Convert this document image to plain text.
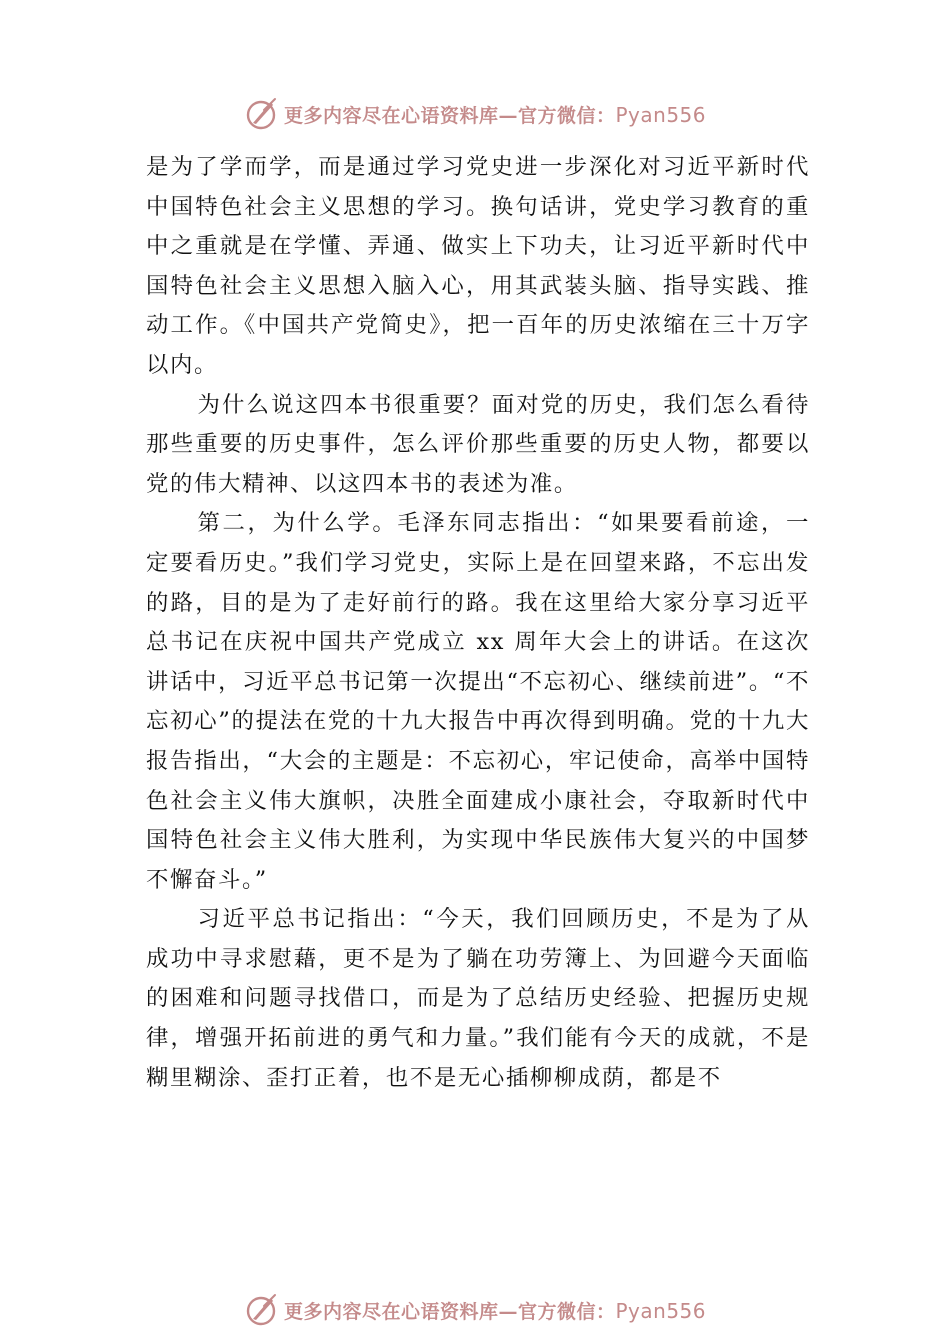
更多内容尽在心语资料库—官方微信：Pyan556

是为了学而学，而是通过学习党史进一步深化对习近平新时代中国特色社会主义思想的学习。换句话讲，党史学习教育的重中之重就是在学懂、弄通、做实上下功夫，让习近平新时代中国特色社会主义思想入脑入心，用其武装头脑、指导实践、推动工作。《中国共产党简史》，把一百年的历史浓缩在三十万字以内。

为什么说这四本书很重要？面对党的历史，我们怎么看待那些重要的历史事件，怎么评价那些重要的历史人物，都要以党的伟大精神、以这四本书的表述为准。

第二，为什么学。毛泽东同志指出：“如果要看前途，一定要看历史。”我们学习党史，实际上是在回望来路，不忘出发的路，目的是为了走好前行的路。我在这里给大家分享习近平总书记在庆祝中国共产党成立 xx 周年大会上的讲话。在这次讲话中，习近平总书记第一次提出“不忘初心、继续前进”。“不忘初心”的提法在党的十九大报告中再次得到明确。党的十九大报告指出，“大会的主题是：不忘初心，牢记使命，高举中国特色社会主义伟大旗帜，决胜全面建成小康社会，夺取新时代中国特色社会主义伟大胜利，为实现中华民族伟大复兴的中国梦不懈奋斗。”

习近平总书记指出：“今天，我们回顾历史，不是为了从成功中寻求慰藉，更不是为了躺在功劳簿上、为回避今天面临的困难和问题寻找借口，而是为了总结历史经验、把握历史规律，增强开拓前进的勇气和力量。”我们能有今天的成就，不是糊里糊涂、歪打正着，也不是无心插柳柳成荫，都是不

更多内容尽在心语资料库—官方微信：Pyan556
